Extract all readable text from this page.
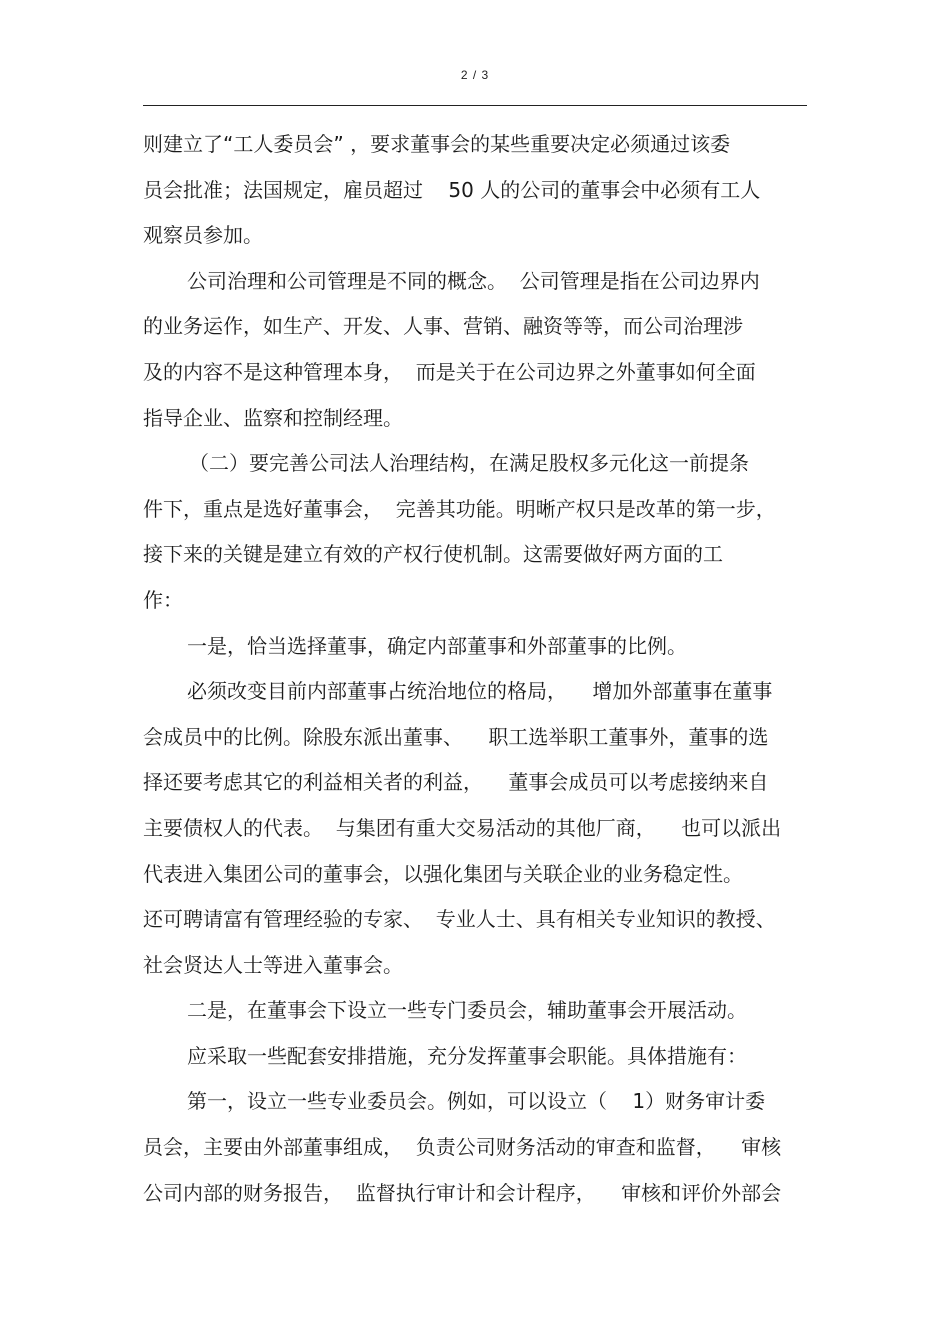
2 / 3
则建立了“工人委员会” ，要求董事会的某些重要决定必须通过该委
员会批准；法国规定，雇员超过    50 人的公司的董事会中必须有工人
观察员参加。
公司治理和公司管理是不同的概念。  公司管理是指在公司边界内
的业务运作，如生产、开发、人事、营销、融资等等，而公司治理涉
及的内容不是这种管理本身，  而是关于在公司边界之外董事如何全面
指导企业、监察和控制经理。
（二）要完善公司法人治理结构，在满足股权多元化这一前提条
件下，重点是选好董事会，  完善其功能。明晰产权只是改革的第一步，
接下来的关键是建立有效的产权行使机制。这需要做好两方面的工
作：
一是，恰当选择董事，确定内部董事和外部董事的比例。
必须改变目前内部董事占统治地位的格局，    增加外部董事在董事
会成员中的比例。除股东派出董事、    职工选举职工董事外，董事的选
择还要考虑其它的利益相关者的利益，    董事会成员可以考虑接纳来自
主要债权人的代表。  与集团有重大交易活动的其他厂商，    也可以派出
代表进入集团公司的董事会，以强化集团与关联企业的业务稳定性。
还可聘请富有管理经验的专家、  专业人士、具有相关专业知识的教授、
社会贤达人士等进入董事会。
二是，在董事会下设立一些专门委员会，辅助董事会开展活动。
应采取一些配套安排措施，充分发挥董事会职能。具体措施有：
第一，设立一些专业委员会。例如，可以设立（    1）财务审计委
员会，主要由外部董事组成，  负责公司财务活动的审查和监督，    审核
公司内部的财务报告，  监督执行审计和会计程序，    审核和评价外部会
